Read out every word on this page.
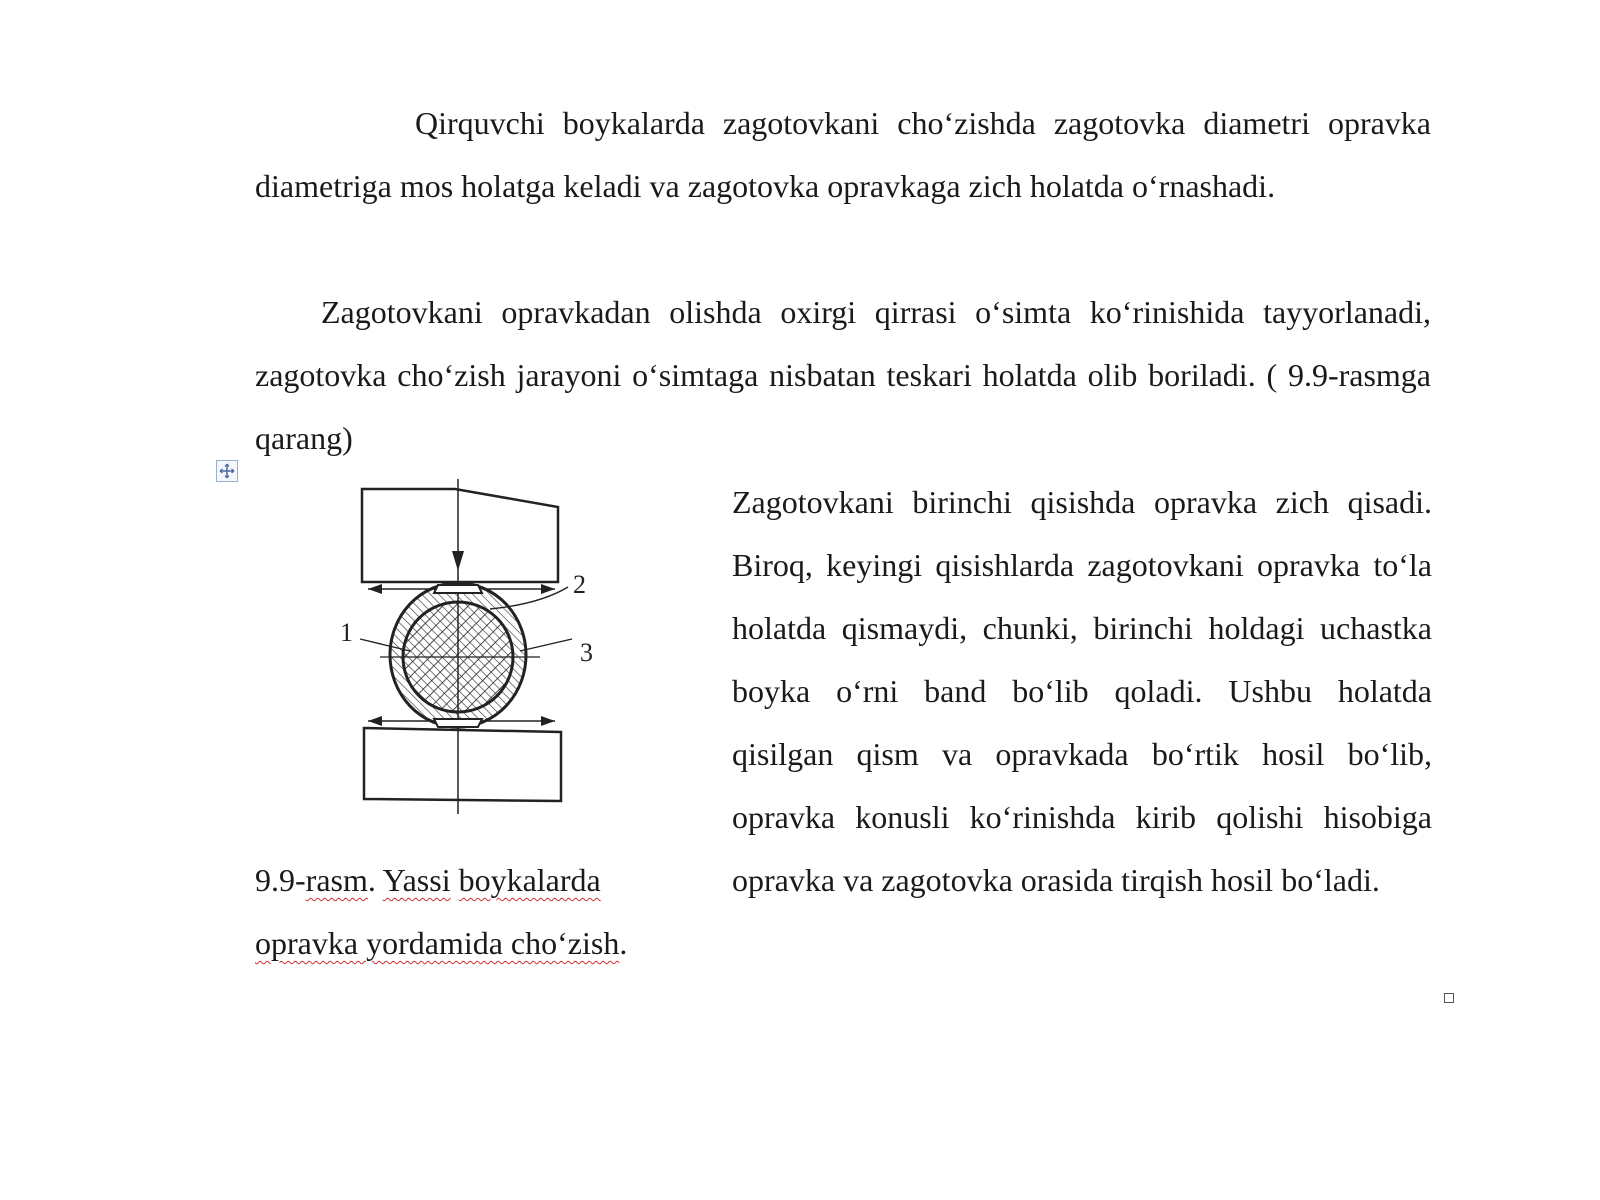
Qirquvchi boykalarda zagotovkani cho‘zishda zagotovka diametri opravka diametriga mos holatga keladi va zagotovka opravkaga zich holatda o‘rnashadi.

Zagotovkani opravkadan olishda oxirgi qirrasi o‘simta ko‘rinishida tayyorlanadi, zagotovka cho‘zish jarayoni o‘simtaga nisbatan teskari holatda olib boriladi. ( 9.9-rasmga qarang)

1
2
3

9.9-rasm. Yassi boykalarda opravka yordamida cho‘zish.

Zagotovkani birinchi qisishda opravka zich qisadi. Biroq, keyingi qisishlarda zagotovkani opravka to‘la holatda qismaydi, chunki, birinchi holdagi uchastka boyka o‘rni band bo‘lib qoladi. Ushbu holatda qisilgan qism va opravkada bo‘rtik hosil bo‘lib, opravka konusli ko‘rinishda kirib qolishi hisobiga opravka va zagotovka orasida tirqish hosil bo‘ladi.
